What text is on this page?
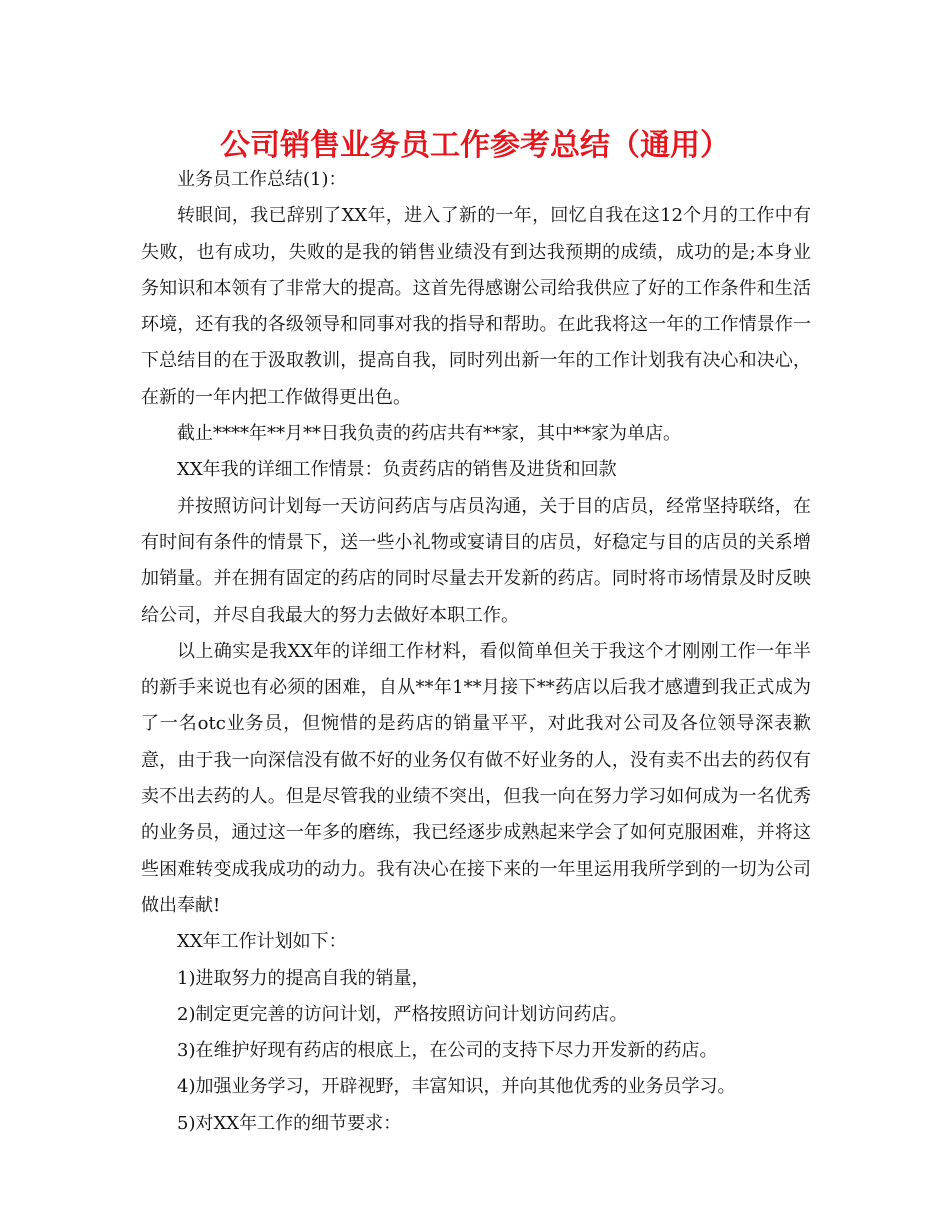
公司销售业务员工作参考总结（通用）

业务员工作总结(1)：

转眼间，我已辞别了XX年，进入了新的一年，回忆自我在这12个月的工作中有失败，也有成功，失败的是我的销售业绩没有到达我预期的成绩，成功的是;本身业务知识和本领有了非常大的提高。这首先得感谢公司给我供应了好的工作条件和生活环境，还有我的各级领导和同事对我的指导和帮助。在此我将这一年的工作情景作一下总结目的在于汲取教训，提高自我，同时列出新一年的工作计划我有决心和决心，在新的一年内把工作做得更出色。

截止****年**月**日我负责的药店共有**家，其中**家为单店。

XX年我的详细工作情景：负责药店的销售及进货和回款

并按照访问计划每一天访问药店与店员沟通，关于目的店员，经常坚持联络，在有时间有条件的情景下，送一些小礼物或宴请目的店员，好稳定与目的店员的关系增加销量。并在拥有固定的药店的同时尽量去开发新的药店。同时将市场情景及时反映给公司，并尽自我最大的努力去做好本职工作。

以上确实是我XX年的详细工作材料，看似简单但关于我这个才刚刚工作一年半的新手来说也有必须的困难，自从**年1**月接下**药店以后我才感遭到我正式成为了一名otc业务员，但惋惜的是药店的销量平平，对此我对公司及各位领导深表歉意，由于我一向深信没有做不好的业务仅有做不好业务的人，没有卖不出去的药仅有卖不出去药的人。但是尽管我的业绩不突出，但我一向在努力学习如何成为一名优秀的业务员，通过这一年多的磨练，我已经逐步成熟起来学会了如何克服困难，并将这些困难转变成我成功的动力。我有决心在接下来的一年里运用我所学到的一切为公司做出奉献!

XX年工作计划如下：

1)进取努力的提高自我的销量，

2)制定更完善的访问计划，严格按照访问计划访问药店。

3)在维护好现有药店的根底上，在公司的支持下尽力开发新的药店。

4)加强业务学习，开辟视野，丰富知识，并向其他优秀的业务员学习。

5)对XX年工作的细节要求：
